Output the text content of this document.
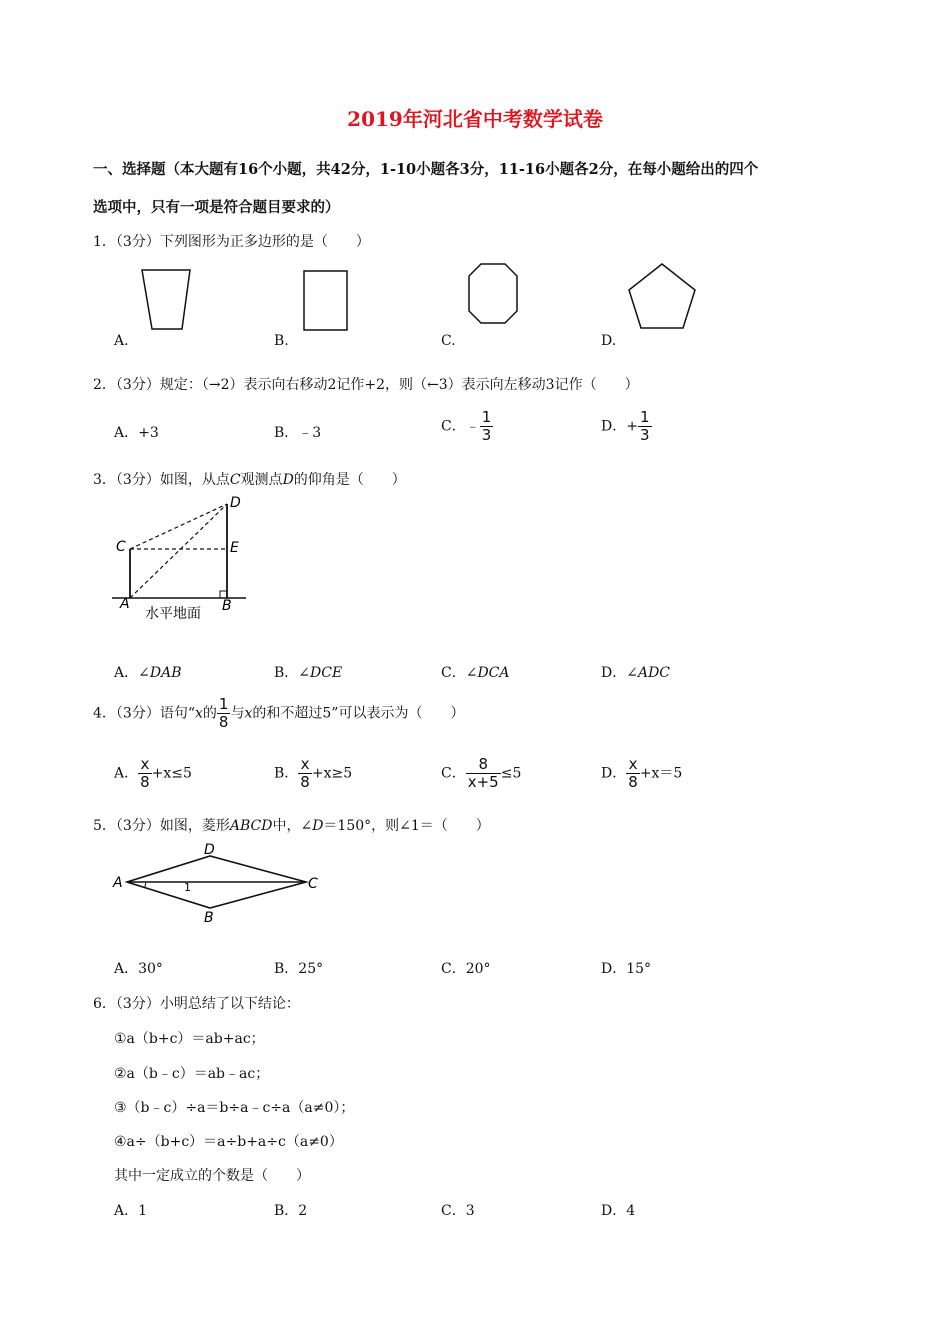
2019年河北省中考数学试卷
一、选择题（本大题有16个小题，共42分，1-10小题各3分，11-16小题各2分，在每小题给出的四个
选项中，只有一项是符合题目要求的）
1．（3分）下列图形为正多边形的是（　　）
A.	B.	C.	D.
2．（3分）规定：（→2）表示向右移动2记作+2，则（←3）表示向左移动3记作（　　）
A．+3	B．﹣3	C．﹣ $\frac{1}{3}$	D．+ $\frac{1}{3}$
3．（3分）如图，从点C观测点D的仰角是（　　）
D
C	E
A	B
水平地面
A．∠DAB	B．∠DCE	C．∠DCA	D．∠ADC
4．（3分）语句“x的 $\frac{1}{8}$ 与x的和不超过5”可以表示为（　　）
A． $\frac{x}{8} +x\le 5$	B． $\frac{x}{8} +x\ge 5$	C． $\frac{8}{x+5} \le 5$	D． $\frac{x}{8} +x=5$
5．（3分）如图，菱形ABCD中，∠D＝150°，则∠1＝（　　）
D
A	C
B
1
A．30°	B．25°	C．20°	D．15°
6．（3分）小明总结了以下结论：
①a（b+c）＝ab+ac；
②a（b﹣c）＝ab﹣ac；
③（b﹣c）÷a＝b÷a﹣c÷a（a≠0）；
④a÷（b+c）＝a÷b+a÷c（a≠0）
其中一定成立的个数是（　　）
A．1	B．2	C．3	D．4
